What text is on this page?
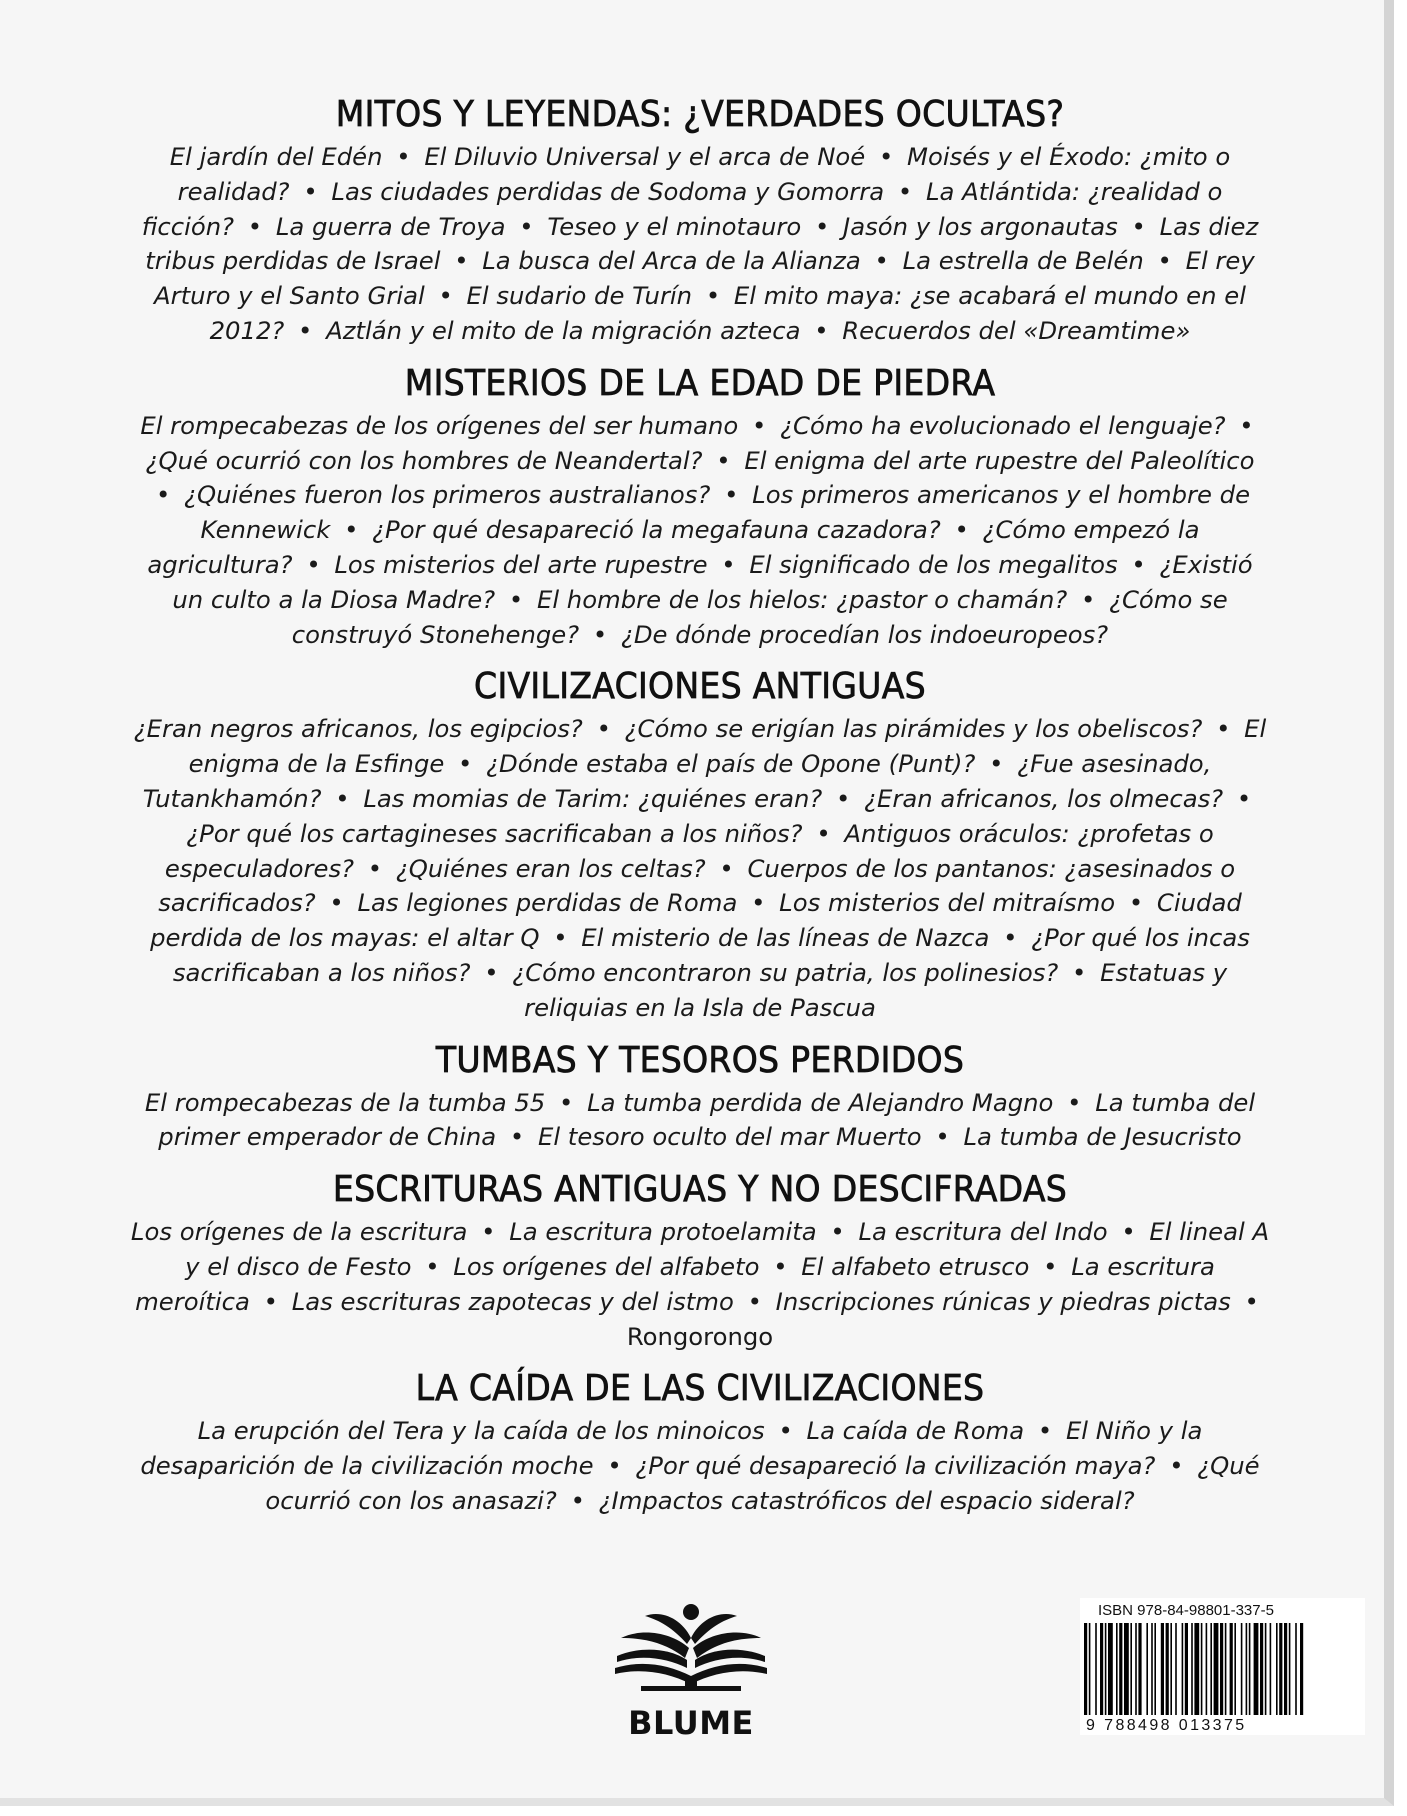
MITOS Y LEYENDAS: ¿VERDADES OCULTAS?

El jardín del Edén • El Diluvio Universal y el arca de Noé • Moisés y el Éxodo: ¿mito o realidad? • Las ciudades perdidas de Sodoma y Gomorra • La Atlántida: ¿realidad o ficción? • La guerra de Troya • Teseo y el minotauro • Jasón y los argonautas • Las diez tribus perdidas de Israel • La busca del Arca de la Alianza • La estrella de Belén • El rey Arturo y el Santo Grial • El sudario de Turín • El mito maya: ¿se acabará el mundo en el 2012? • Aztlán y el mito de la migración azteca • Recuerdos del «Dreamtime»

MISTERIOS DE LA EDAD DE PIEDRA

El rompecabezas de los orígenes del ser humano • ¿Cómo ha evolucionado el lenguaje? • ¿Qué ocurrió con los hombres de Neandertal? • El enigma del arte rupestre del Paleolítico • ¿Quiénes fueron los primeros australianos? • Los primeros americanos y el hombre de Kennewick • ¿Por qué desapareció la megafauna cazadora? • ¿Cómo empezó la agricultura? • Los misterios del arte rupestre • El significado de los megalitos • ¿Existió un culto a la Diosa Madre? • El hombre de los hielos: ¿pastor o chamán? • ¿Cómo se construyó Stonehenge? • ¿De dónde procedían los indoeuropeos?

CIVILIZACIONES ANTIGUAS

¿Eran negros africanos, los egipcios? • ¿Cómo se erigían las pirámides y los obeliscos? • El enigma de la Esfinge • ¿Dónde estaba el país de Opone (Punt)? • ¿Fue asesinado, Tutankhamón? • Las momias de Tarim: ¿quiénes eran? • ¿Eran africanos, los olmecas? • ¿Por qué los cartagineses sacrificaban a los niños? • Antiguos oráculos: ¿profetas o especuladores? • ¿Quiénes eran los celtas? • Cuerpos de los pantanos: ¿asesinados o sacrificados? • Las legiones perdidas de Roma • Los misterios del mitraísmo • Ciudad perdida de los mayas: el altar Q • El misterio de las líneas de Nazca • ¿Por qué los incas sacrificaban a los niños? • ¿Cómo encontraron su patria, los polinesios? • Estatuas y reliquias en la Isla de Pascua

TUMBAS Y TESOROS PERDIDOS

El rompecabezas de la tumba 55 • La tumba perdida de Alejandro Magno • La tumba del primer emperador de China • El tesoro oculto del mar Muerto • La tumba de Jesucristo

ESCRITURAS ANTIGUAS Y NO DESCIFRADAS

Los orígenes de la escritura • La escritura protoelamita • La escritura del Indo • El lineal A y el disco de Festo • Los orígenes del alfabeto • El alfabeto etrusco • La escritura meroítica • Las escrituras zapotecas y del istmo • Inscripciones rúnicas y piedras pictas • Rongorongo

LA CAÍDA DE LAS CIVILIZACIONES

La erupción del Tera y la caída de los minoicos • La caída de Roma • El Niño y la desaparición de la civilización moche • ¿Por qué desapareció la civilización maya? • ¿Qué ocurrió con los anasazi? • ¿Impactos catastróficos del espacio sideral?

BLUME
ISBN 978-84-98801-337-5
9 788498 013375
